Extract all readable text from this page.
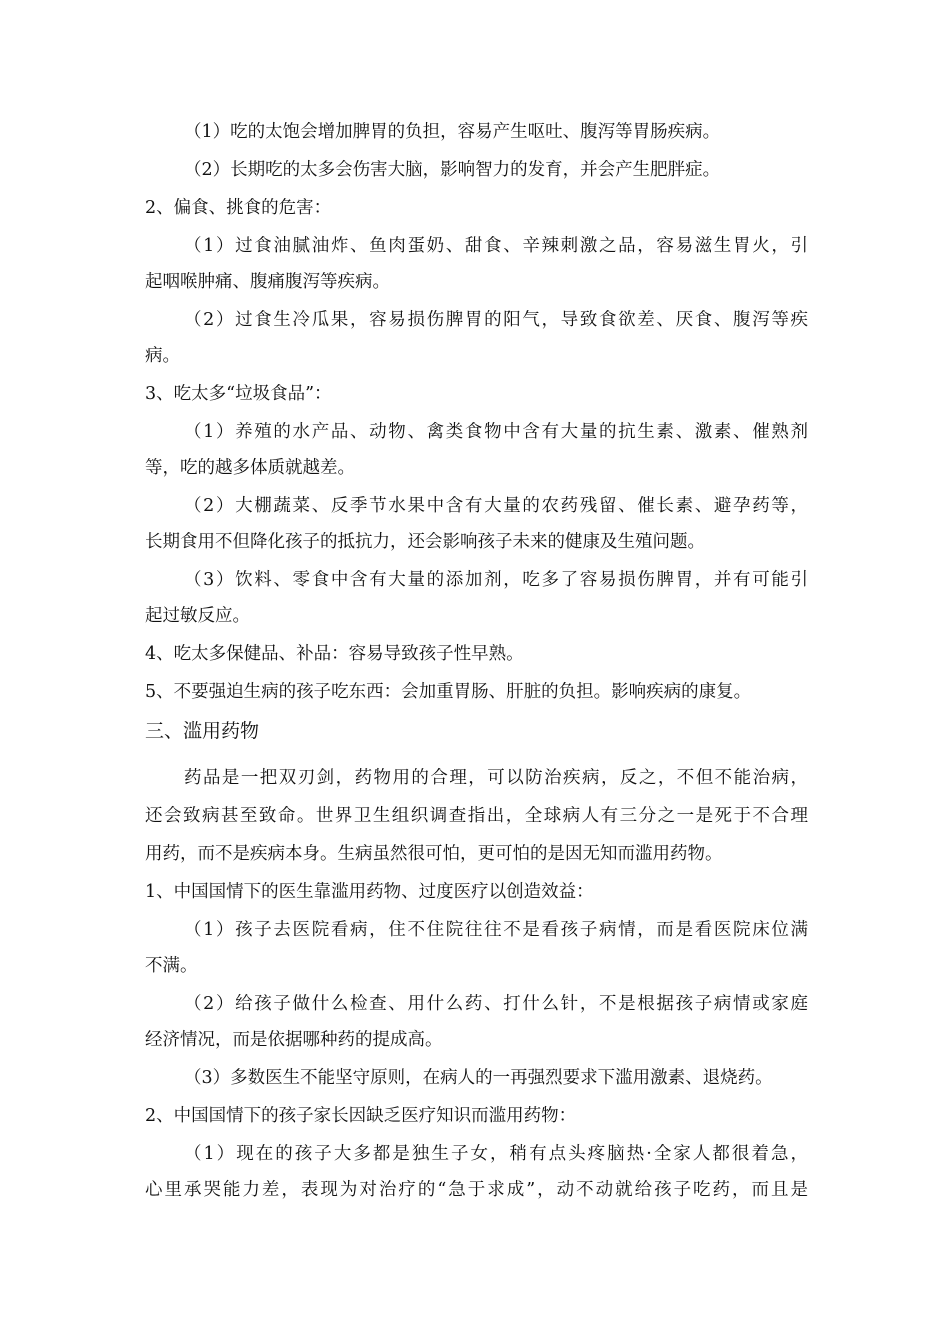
（1）吃的太饱会增加脾胃的负担，容易产生呕吐、腹泻等胃肠疾病。
（2）长期吃的太多会伤害大脑，影响智力的发育，并会产生肥胖症。
2、偏食、挑食的危害：
（1）过食油腻油炸、鱼肉蛋奶、甜食、辛辣刺激之品，容易滋生胃火，引
起咽喉肿痛、腹痛腹泻等疾病。
（2）过食生冷瓜果，容易损伤脾胃的阳气，导致食欲差、厌食、腹泻等疾
病。
3、吃太多“垃圾食品”：
（1）养殖的水产品、动物、禽类食物中含有大量的抗生素、激素、催熟剂
等，吃的越多体质就越差。
（2）大棚蔬菜、反季节水果中含有大量的农药残留、催长素、避孕药等，
长期食用不但降化孩子的抵抗力，还会影响孩子未来的健康及生殖问题。
（3）饮料、零食中含有大量的添加剂，吃多了容易损伤脾胃，并有可能引
起过敏反应。
4、吃太多保健品、补品：容易导致孩子性早熟。
5、不要强迫生病的孩子吃东西：会加重胃肠、肝脏的负担。影响疾病的康复。
三、滥用药物
药品是一把双刃剑，药物用的合理，可以防治疾病，反之，不但不能治病，
还会致病甚至致命。世界卫生组织调查指出，全球病人有三分之一是死于不合理
用药，而不是疾病本身。生病虽然很可怕，更可怕的是因无知而滥用药物。
1、中国国情下的医生靠滥用药物、过度医疗以创造效益：
（1）孩子去医院看病，住不住院往往不是看孩子病情，而是看医院床位满
不满。
（2）给孩子做什么检查、用什么药、打什么针，不是根据孩子病情或家庭
经济情况，而是依据哪种药的提成高。
（3）多数医生不能坚守原则，在病人的一再强烈要求下滥用激素、退烧药。
2、中国国情下的孩子家长因缺乏医疗知识而滥用药物：
（1）现在的孩子大多都是独生子女，稍有点头疼脑热·全家人都很着急，
心里承哭能力差，表现为对治疗的“急于求成”，动不动就给孩子吃药，而且是
